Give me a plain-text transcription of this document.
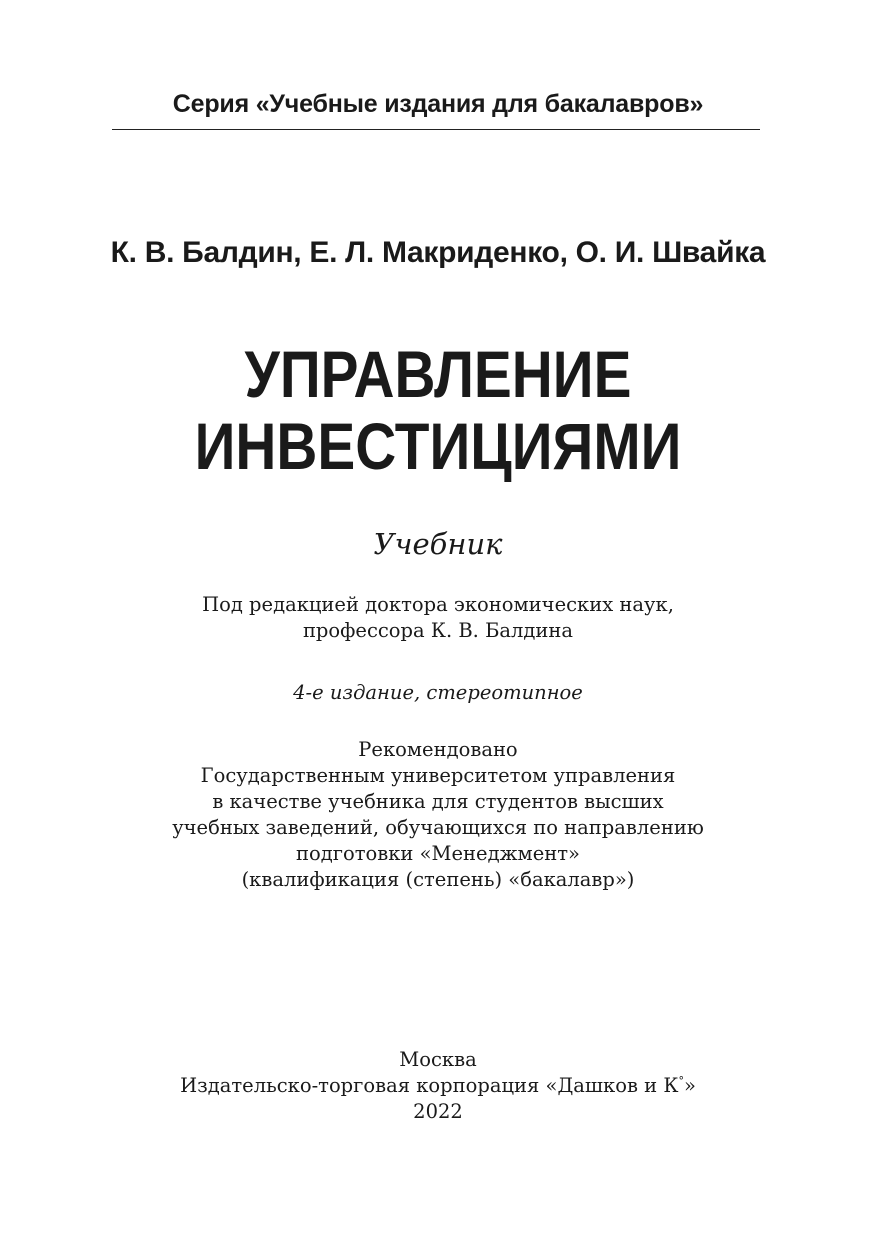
Серия «Учебные издания для бакалавров»
К. В. Балдин, Е. Л. Макриденко, О. И. Швайка
УПРАВЛЕНИЕ
ИНВЕСТИЦИЯМИ
Учебник
Под редакцией доктора экономических наук,
профессора К. В. Балдина
4-е издание, стереотипное
Рекомендовано
Государственным университетом управления
в качестве учебника для студентов высших
учебных заведений, обучающихся по направлению
подготовки «Менеджмент»
(квалификация (степень) «бакалавр»)
Москва
Издательско-торговая корпорация «Дашков и К°»
2022
